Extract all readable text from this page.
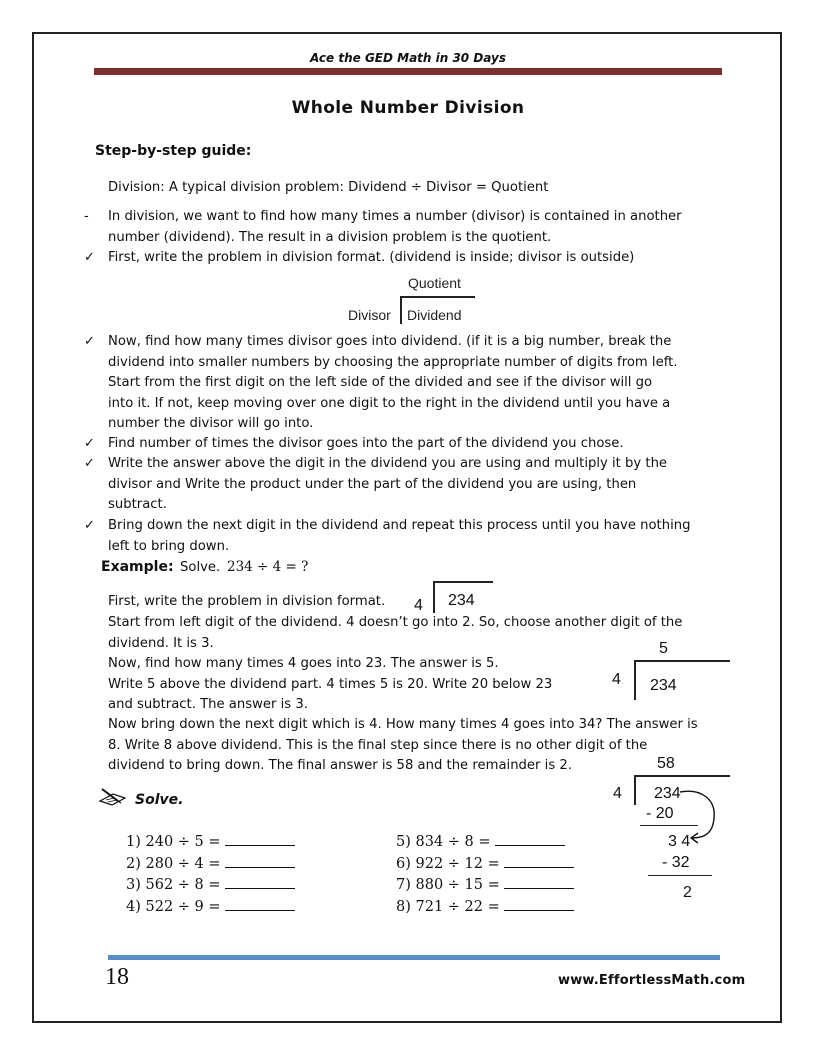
Ace the GED Math in 30 Days
Whole Number Division
Step-by-step guide:
Division: A typical division problem: Dividend ÷ Divisor = Quotient
- In division, we want to find how many times a number (divisor) is contained in another
number (dividend). The result in a division problem is the quotient.
✓ First, write the problem in division format. (dividend is inside; divisor is outside)
Quotient
Divisor Dividend
✓ Now, find how many times divisor goes into dividend. (if it is a big number, break the
dividend into smaller numbers by choosing the appropriate number of digits from left.
Start from the first digit on the left side of the divided and see if the divisor will go
into it. If not, keep moving over one digit to the right in the dividend until you have a
number the divisor will go into.
✓ Find number of times the divisor goes into the part of the dividend you chose.
✓ Write the answer above the digit in the dividend you are using and multiply it by the
divisor and Write the product under the part of the dividend you are using, then
subtract.
✓ Bring down the next digit in the dividend and repeat this process until you have nothing
left to bring down.
Example: Solve. 234 ÷ 4 = ?
First, write the problem in division format.
Start from left digit of the dividend. 4 doesn’t go into 2. So, choose another digit of the
dividend. It is 3.
Now, find how many times 4 goes into 23. The answer is 5.
Write 5 above the dividend part. 4 times 5 is 20. Write 20 below 23
and subtract. The answer is 3.
Now bring down the next digit which is 4. How many times 4 goes into 34? The answer is
8. Write 8 above dividend. This is the final step since there is no other digit of the
dividend to bring down. The final answer is 58 and the remainder is 2.
4 234
5
4 234
58
4 234
- 20
3 4
- 32
2
Solve.
1) 240 ÷ 5 =
2) 280 ÷ 4 =
3) 562 ÷ 8 =
4) 522 ÷ 9 =
5) 834 ÷ 8 =
6) 922 ÷ 12 =
7) 880 ÷ 15 =
8) 721 ÷ 22 =
18	www.EffortlessMath.com
